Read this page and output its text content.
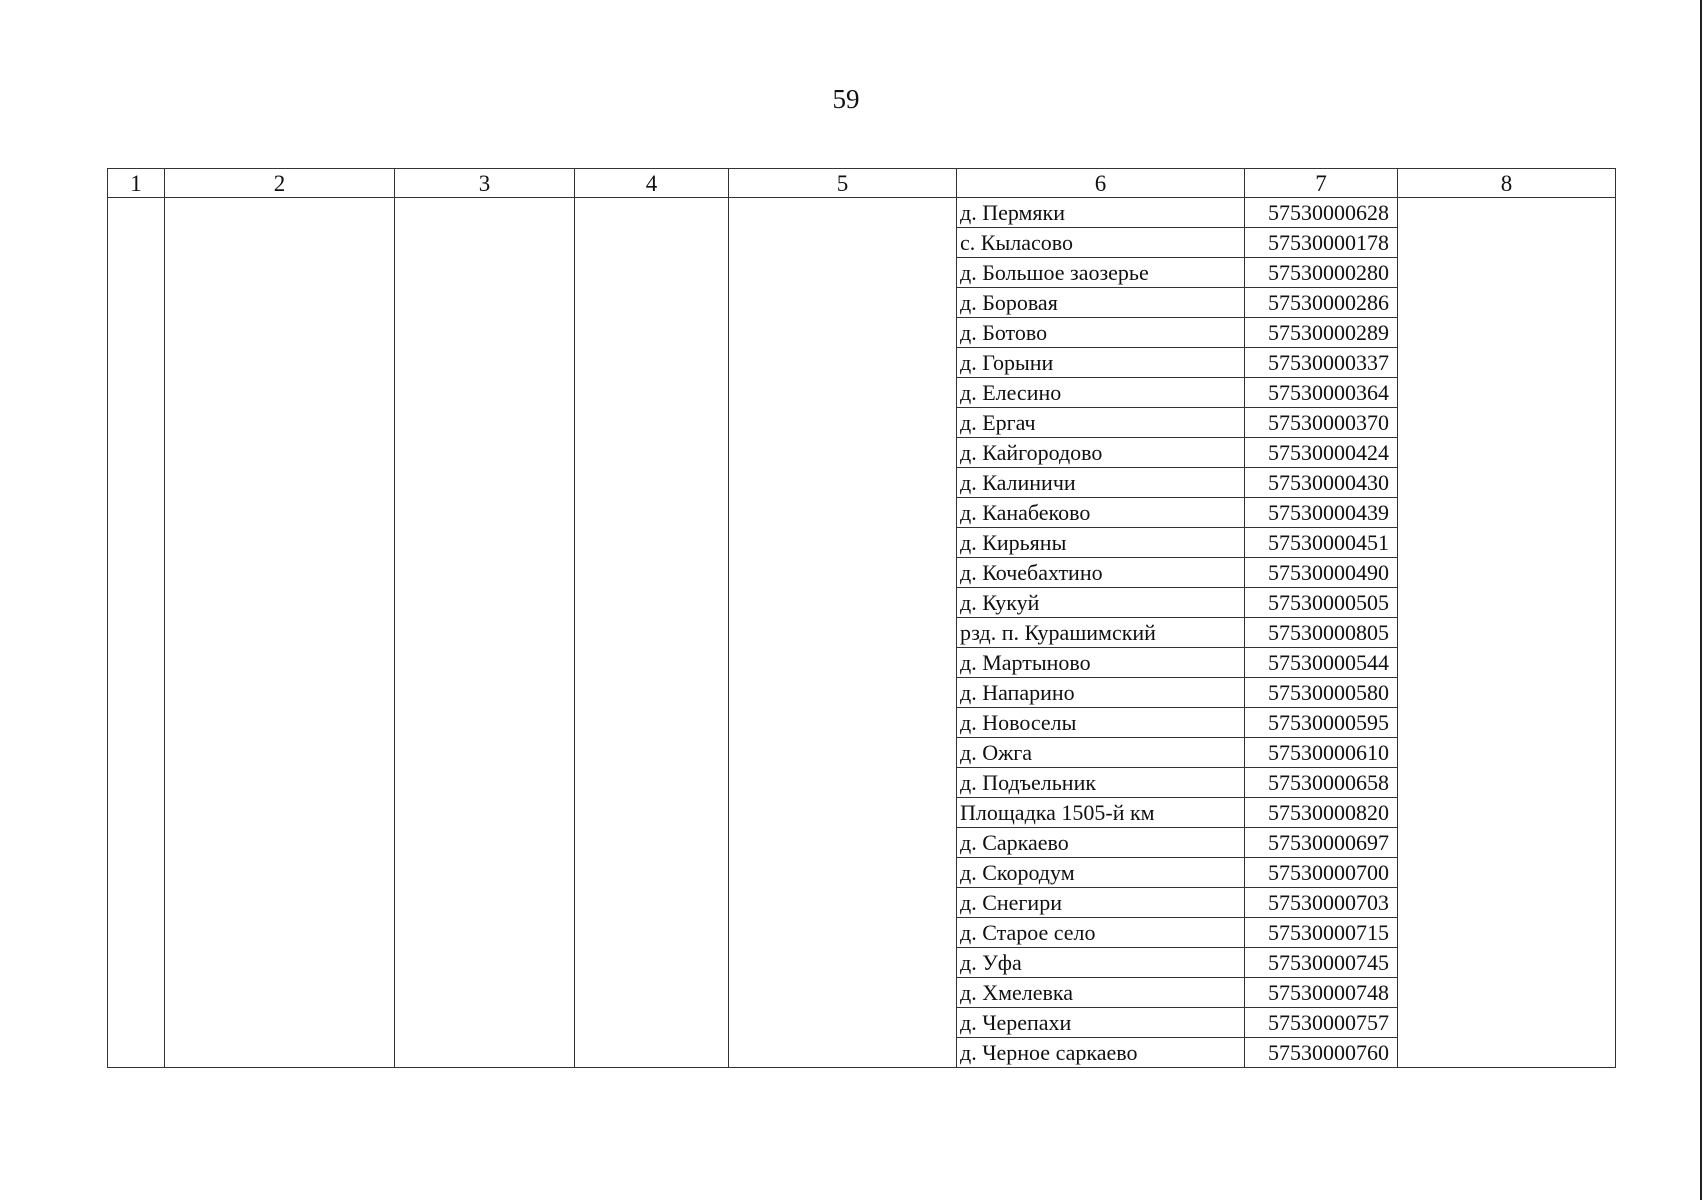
59
1	2	3	4	5	6	7	8
					д. Пермяки	57530000628	
					с. Кыласово	57530000178	
					д. Большое заозерье	57530000280	
					д. Боровая	57530000286	
					д. Ботово	57530000289	
					д. Горыни	57530000337	
					д. Елесино	57530000364	
					д. Ергач	57530000370	
					д. Кайгородово	57530000424	
					д. Калиничи	57530000430	
					д. Канабеково	57530000439	
					д. Кирьяны	57530000451	
					д. Кочебахтино	57530000490	
					д. Кукуй	57530000505	
					рзд. п. Курашимский	57530000805	
					д. Мартыново	57530000544	
					д. Напарино	57530000580	
					д. Новоселы	57530000595	
					д. Ожга	57530000610	
					д. Подъельник	57530000658	
					Площадка 1505-й км	57530000820	
					д. Саркаево	57530000697	
					д. Скородум	57530000700	
					д. Снегири	57530000703	
					д. Старое село	57530000715	
					д. Уфа	57530000745	
					д. Хмелевка	57530000748	
					д. Черепахи	57530000757	
					д. Черное саркаево	57530000760	
